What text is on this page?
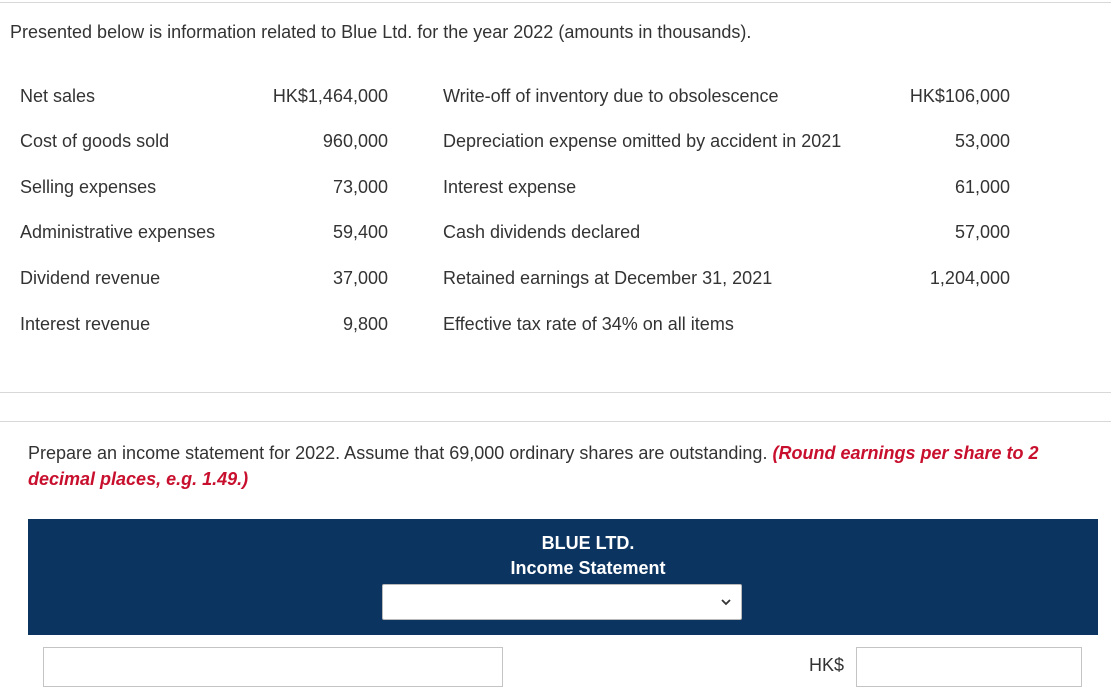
Presented below is information related to Blue Ltd. for the year 2022 (amounts in thousands).
Net sales	HK$1,464,000	Write-off of inventory due to obsolescence	HK$106,000
Cost of goods sold	960,000	Depreciation expense omitted by accident in 2021	53,000
Selling expenses	73,000	Interest expense	61,000
Administrative expenses	59,400	Cash dividends declared	57,000
Dividend revenue	37,000	Retained earnings at December 31, 2021	1,204,000
Interest revenue	9,800	Effective tax rate of 34% on all items
Prepare an income statement for 2022. Assume that 69,000 ordinary shares are outstanding. (Round earnings per share to 2 decimal places, e.g. 1.49.)
BLUE LTD.
Income Statement
HK$
